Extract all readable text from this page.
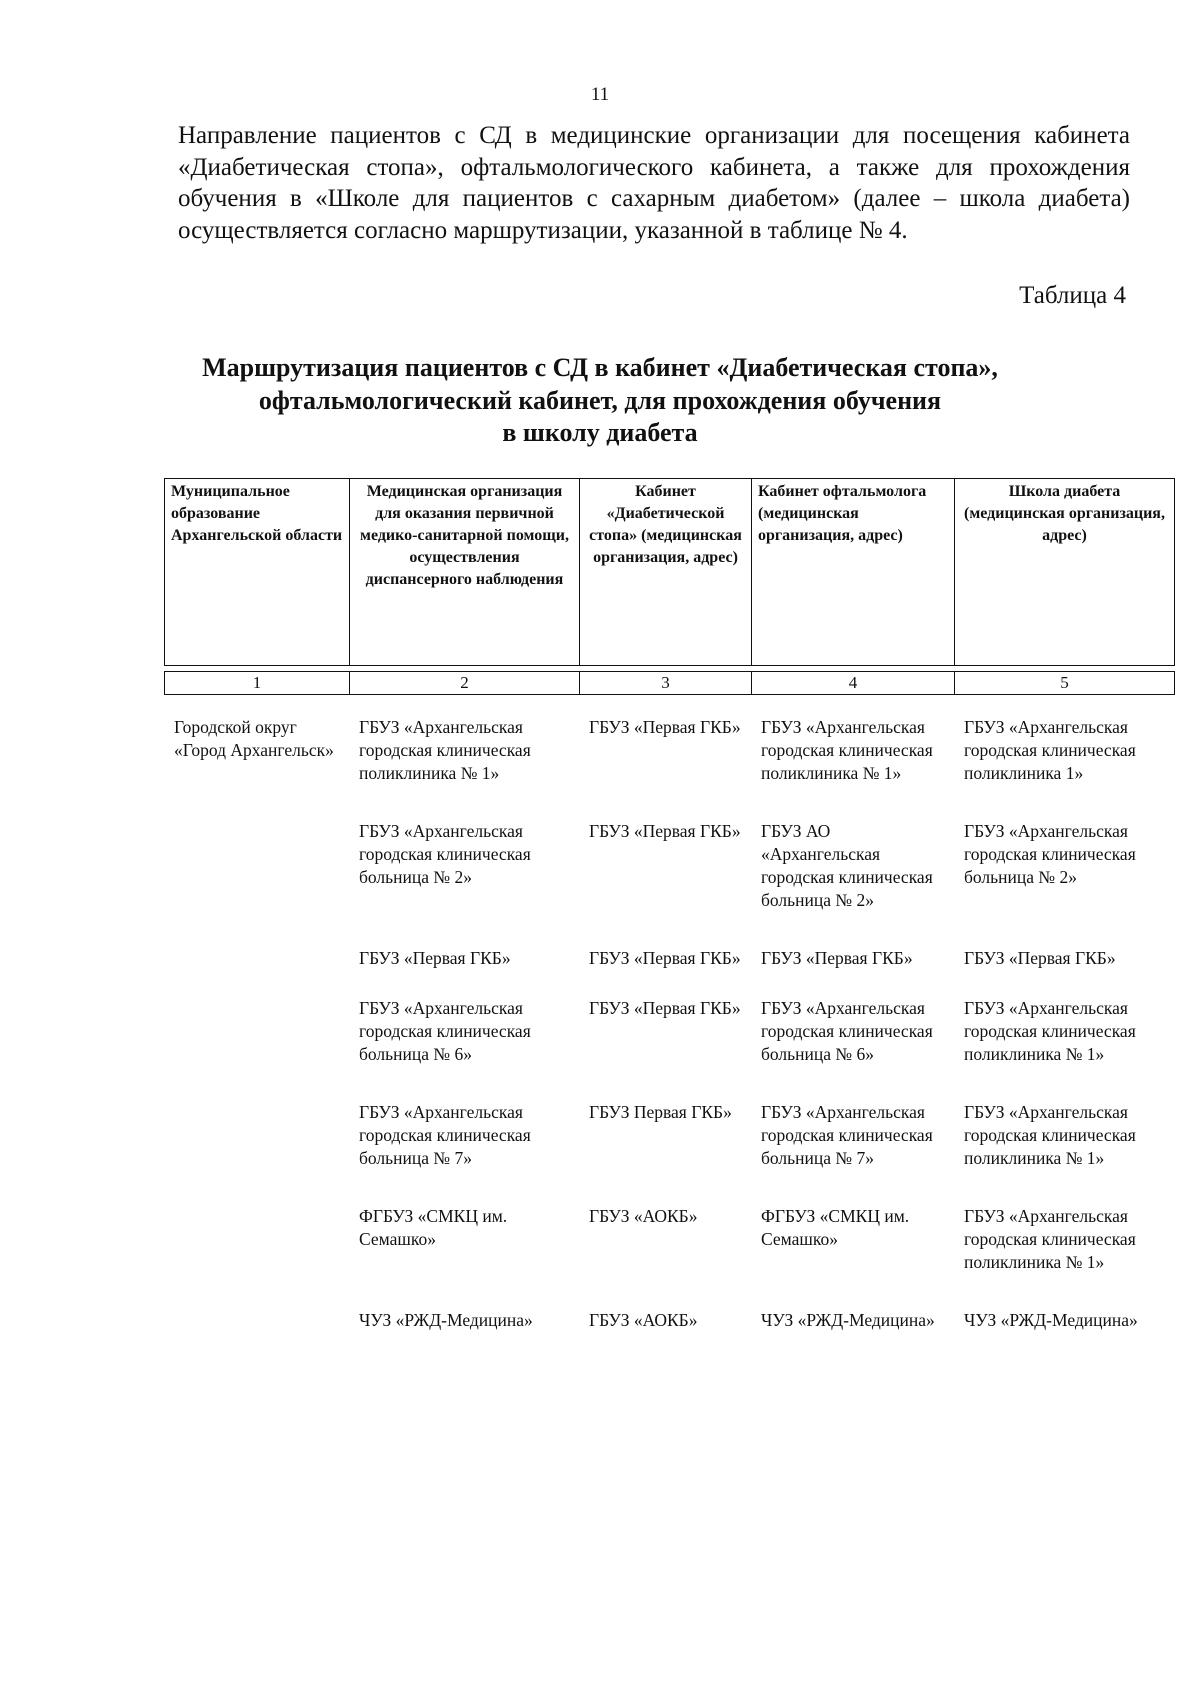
11
Направление пациентов с СД в медицинские организации для посещения кабинета «Диабетическая стопа», офтальмологического кабинета, а также для прохождения обучения в «Школе для пациентов с сахарным диабетом» (далее – школа диабета) осуществляется согласно маршрутизации, указанной в таблице № 4.
Таблица 4
Маршрутизация пациентов с СД в кабинет «Диабетическая стопа»,
офтальмологический кабинет, для прохождения обучения
в школу диабета
Муниципальное образование Архангельской области	Медицинская организация для оказания первичной медико-санитарной помощи, осуществления диспансерного наблюдения	Кабинет «Диабетической стопа» (медицинская организация, адрес)	Кабинет офтальмолога (медицинская организация, адрес)	Школа диабета (медицинская организация, адрес)
1	2	3	4	5
Городской округ «Город Архангельск»	ГБУЗ «Архангельская городская клиническая поликлиника № 1»	ГБУЗ «Первая ГКБ»	ГБУЗ «Архангельская городская клиническая поликлиника № 1»	ГБУЗ «Архангельская городская клиническая поликлиника 1»
	ГБУЗ «Архангельская городская клиническая больница № 2»	ГБУЗ «Первая ГКБ»	ГБУЗ АО «Архангельская городская клиническая больница № 2»	ГБУЗ «Архангельская городская клиническая больница № 2»
	ГБУЗ «Первая ГКБ»	ГБУЗ «Первая ГКБ»	ГБУЗ «Первая ГКБ»	ГБУЗ «Первая ГКБ»
	ГБУЗ «Архангельская городская клиническая больница № 6»	ГБУЗ «Первая ГКБ»	ГБУЗ «Архангельская городская клиническая больница № 6»	ГБУЗ «Архангельская городская клиническая поликлиника № 1»
	ГБУЗ «Архангельская городская клиническая больница № 7»	ГБУЗ Первая ГКБ»	ГБУЗ «Архангельская городская клиническая больница № 7»	ГБУЗ «Архангельская городская клиническая поликлиника № 1»
	ФГБУЗ «СМКЦ им. Семашко»	ГБУЗ «АОКБ»	ФГБУЗ «СМКЦ им. Семашко»	ГБУЗ «Архангельская городская клиническая поликлиника № 1»
	ЧУЗ «РЖД-Медицина»	ГБУЗ «АОКБ»	ЧУЗ «РЖД-Медицина»	ЧУЗ «РЖД-Медицина»
